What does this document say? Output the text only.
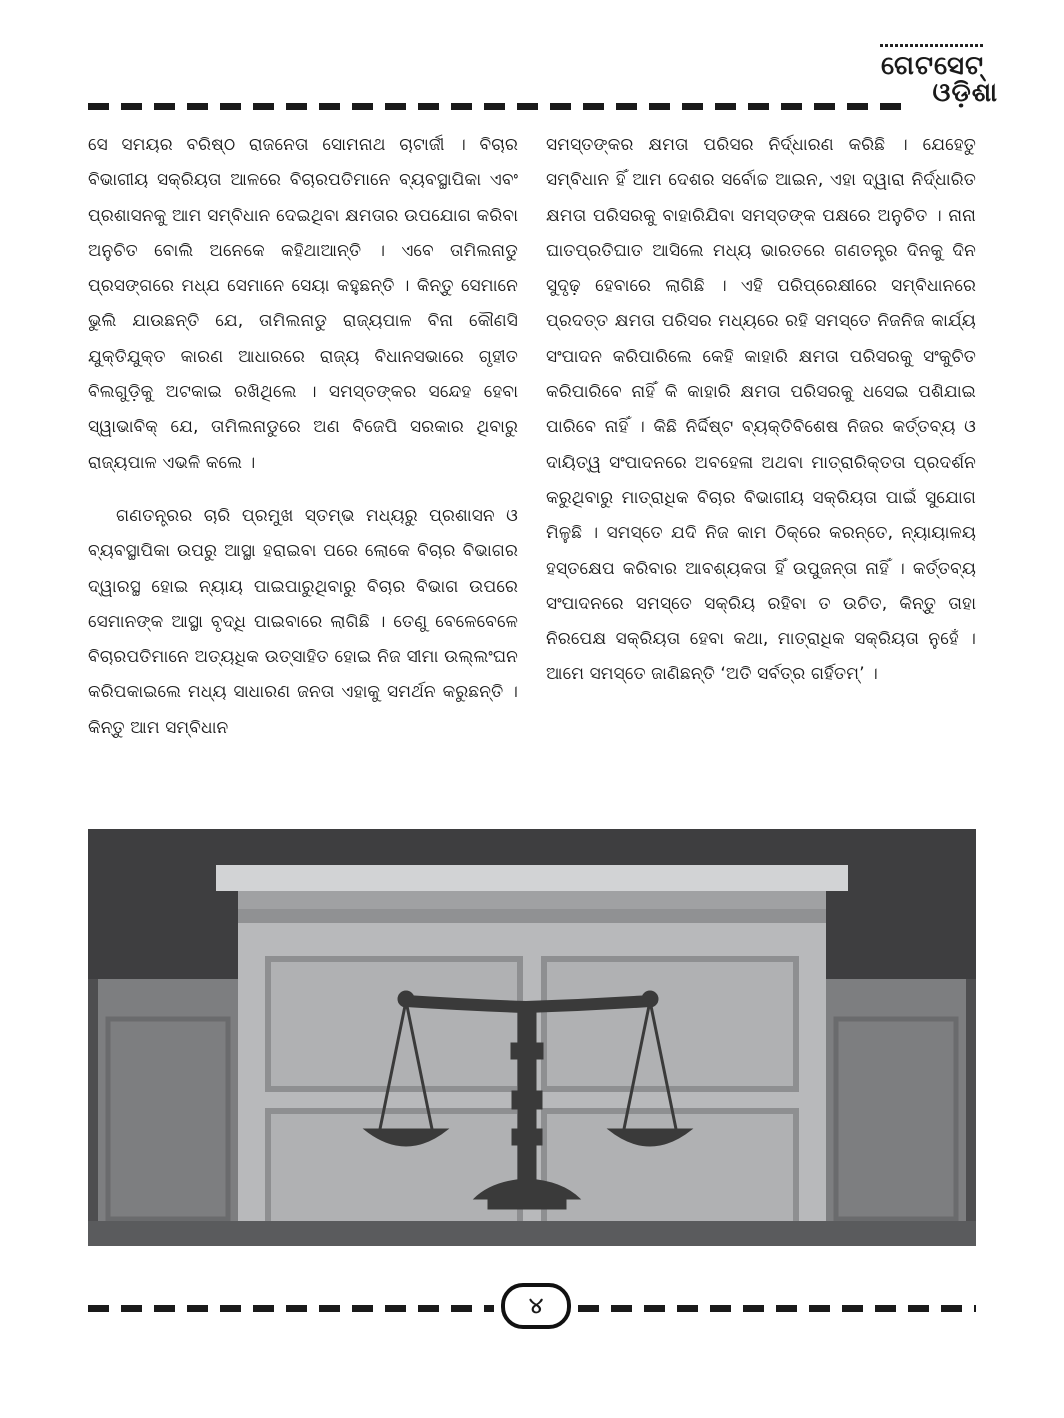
ଗେଟସେଟ୍
ଓଡ଼ିଶା

ସେ ସମୟର ବରିଷ୍ଠ ରାଜନେତା ସୋମନାଥ ଚାଟାର୍ଜୀ । ବିଚାର ବିଭାଗୀୟ ସକ୍ରିୟତା ଆଳରେ ବିଚାରପତିମାନେ ବ୍ୟବସ୍ଥାପିକା ଏବଂ ପ୍ରଶାସନକୁ ଆମ ସମ୍ବିଧାନ ଦେଇଥିବା କ୍ଷମତାର ଉପଯୋଗ କରିବା ଅନୁଚିତ ବୋଲି ଅନେକେ କହିଥାଆନ୍ତି । ଏବେ ତାମିଲନାଡୁ ପ୍ରସଙ୍ଗରେ ମଧ୍ଯ ସେମାନେ ସେୟା କହୁଛନ୍ତି । କିନ୍ତୁ ସେମାନେ ଭୁଲି ଯାଉଛନ୍ତି ଯେ, ତାମିଲନାଡୁ ରାଜ୍ୟପାଳ ବିନା କୌଣସି ଯୁକ୍ତିଯୁକ୍ତ କାରଣ ଆଧାରରେ ରାଜ୍ୟ ବିଧାନସଭାରେ ଗୃହୀତ ବିଲଗୁଡ଼ିକୁ ଅଟକାଇ ରଖିଥିଲେ । ସମସ୍ତଙ୍କର ସନ୍ଦେହ ହେବା ସ୍ୱାଭାବିକ୍ ଯେ, ତାମିଲନାଡୁରେ ଅଣ ବିଜେପି ସରକାର ଥିବାରୁ ରାଜ୍ୟପାଳ ଏଭଳି କଲେ ।

ଗଣତନ୍ତ୍ରର ଚାରି ପ୍ରମୁଖ ସ୍ତମ୍ଭ ମଧ୍ୟରୁ ପ୍ରଶାସନ ଓ ବ୍ୟବସ୍ଥାପିକା ଉପରୁ ଆସ୍ଥା ହରାଇବା ପରେ ଲୋକେ ବିଚାର ବିଭାଗର ଦ୍ୱାରସ୍ଥ ହୋଇ ନ୍ୟାୟ ପାଇପାରୁଥିବାରୁ ବିଚାର ବିଭାଗ ଉପରେ ସେମାନଙ୍କ ଆସ୍ଥା ବୃଦ୍ଧି ପାଇବାରେ ଲାଗିଛି । ତେଣୁ ବେଳେବେଳେ ବିଚାରପତିମାନେ ଅତ୍ୟଧିକ ଉତ୍ସାହିତ ହୋଇ ନିଜ ସୀମା ଉଲ୍ଲଂଘନ କରିପକାଇଲେ ମଧ୍ୟ ସାଧାରଣ ଜନତା ଏହାକୁ ସମର୍ଥନ କରୁଛନ୍ତି । କିନ୍ତୁ ଆମ ସମ୍ବିଧାନ

ସମସ୍ତଙ୍କର କ୍ଷମତା ପରିସର ନିର୍ଦ୍ଧାରଣ କରିଛି । ଯେହେତୁ ସମ୍ବିଧାନ ହିଁ ଆମ ଦେଶର ସର୍ବୋଚ୍ଚ ଆଇନ, ଏହା ଦ୍ୱାରା ନିର୍ଦ୍ଧାରିତ କ୍ଷମତା ପରିସରକୁ ବାହାରିଯିବା ସମସ୍ତଙ୍କ ପକ୍ଷରେ ଅନୁଚିତ । ନାନା ଘାତପ୍ରତିଘାତ ଆସିଲେ ମଧ୍ୟ ଭାରତରେ ଗଣତନ୍ତ୍ର ଦିନକୁ ଦିନ ସୁଦୃଢ଼ ହେବାରେ ଲାଗିଛି । ଏହି ପରିପ୍ରେକ୍ଷୀରେ ସମ୍ବିଧାନରେ ପ୍ରଦତ୍ତ କ୍ଷମତା ପରିସର ମଧ୍ୟରେ ରହି ସମସ୍ତେ ନିଜନିଜ କାର୍ଯ୍ୟ ସଂପାଦନ କରିପାରିଲେ କେହି କାହାରି କ୍ଷମତା ପରିସରକୁ ସଂକୁଚିତ କରିପାରିବେ ନାହିଁ କି କାହାରି କ୍ଷମତା ପରିସରକୁ ଧସେଇ ପଶିଯାଇ ପାରିବେ ନାହିଁ । କିଛି ନିର୍ଦ୍ଦିଷ୍ଟ ବ୍ୟକ୍ତିବିଶେଷ ନିଜର କର୍ତ୍ତବ୍ୟ ଓ ଦାୟିତ୍ୱ ସଂପାଦନରେ ଅବହେଳା ଅଥବା ମାତ୍ରାରିକ୍ତତା ପ୍ରଦର୍ଶନ କରୁଥିବାରୁ ମାତ୍ରାଧିକ ବିଚାର ବିଭାଗୀୟ ସକ୍ରିୟତା ପାଇଁ ସୁଯୋଗ ମିଳୁଛି । ସମସ୍ତେ ଯଦି ନିଜ କାମ ଠିକ୍‌ରେ କରନ୍ତେ, ନ୍ୟାୟାଳୟ ହସ୍ତକ୍ଷେପ କରିବାର ଆବଶ୍ୟକତା ହିଁ ଉପୁଜନ୍ତା ନାହିଁ । କର୍ତ୍ତବ୍ୟ ସଂପାଦନରେ ସମସ୍ତେ ସକ୍ରିୟ ରହିବା ତ ଉଚିତ, କିନ୍ତୁ ତାହା ନିରପେକ୍ଷ ସକ୍ରିୟତା ହେବା କଥା, ମାତ୍ରାଧିକ ସକ୍ରିୟତା ନୁହେଁ । ଆମେ ସମସ୍ତେ ଜାଣିଛନ୍ତି ‘ଅତି ସର୍ବତ୍ର ଗର୍ହିତମ୍’ ।

୪
